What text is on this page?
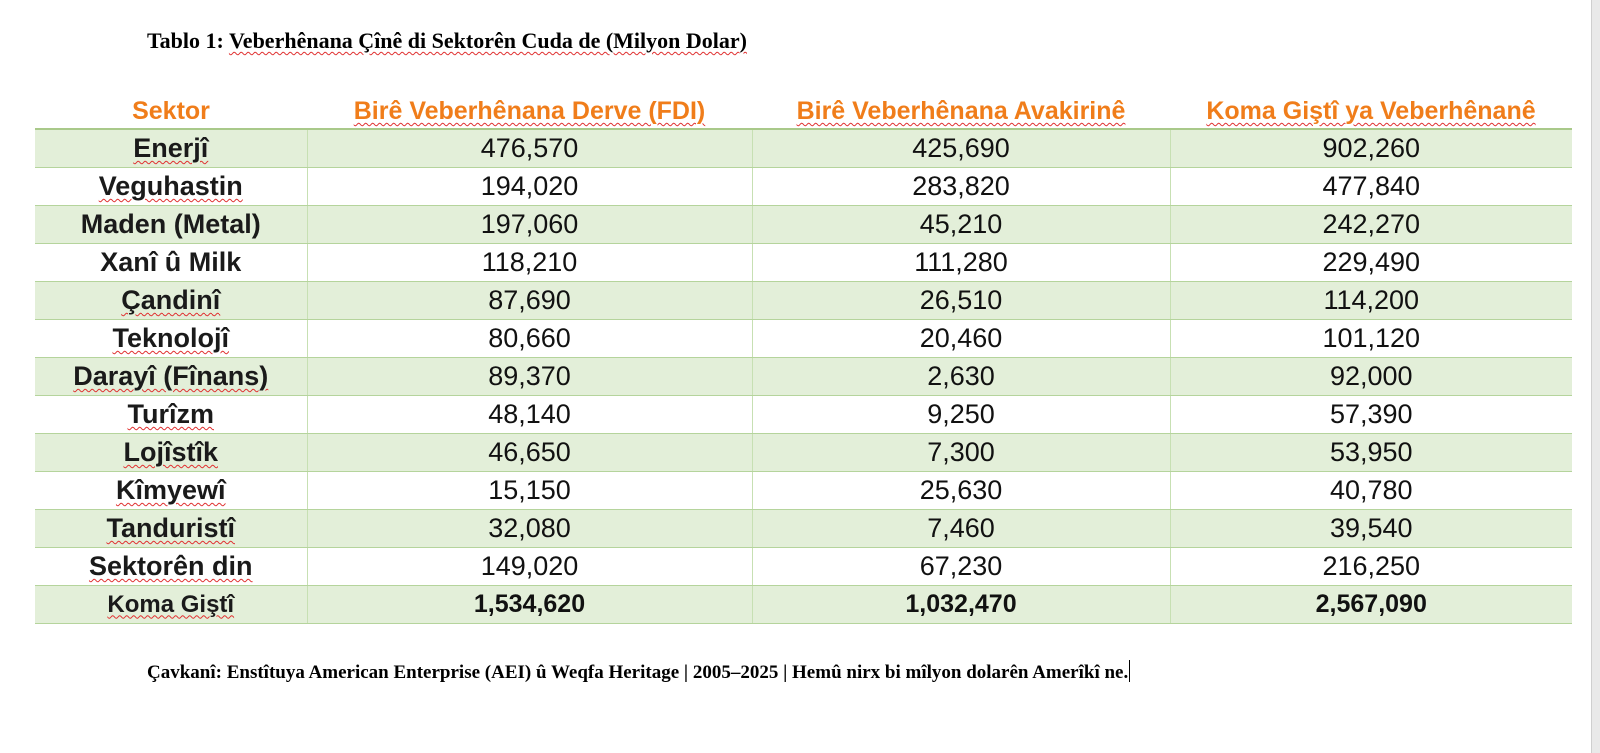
Tablo 1: Veberhênana Çînê di Sektorên Cuda de (Milyon Dolar)
Sektor	Birê Veberhênana Derve (FDI)	Birê Veberhênana Avakirinê	Koma Giştî ya Veberhênanê
Enerjî	476,570	425,690	902,260
Veguhastin	194,020	283,820	477,840
Maden (Metal)	197,060	45,210	242,270
Xanî û Milk	118,210	111,280	229,490
Çandinî	87,690	26,510	114,200
Teknolojî	80,660	20,460	101,120
Darayî (Fînans)	89,370	2,630	92,000
Turîzm	48,140	9,250	57,390
Lojîstîk	46,650	7,300	53,950
Kîmyewî	15,150	25,630	40,780
Tanduristî	32,080	7,460	39,540
Sektorên din	149,020	67,230	216,250
Koma Giştî	1,534,620	1,032,470	2,567,090
Çavkanî: Enstîtuya American Enterprise (AEI) û Weqfa Heritage | 2005–2025 | Hemû nirx bi mîlyon dolarên Amerîkî ne.
